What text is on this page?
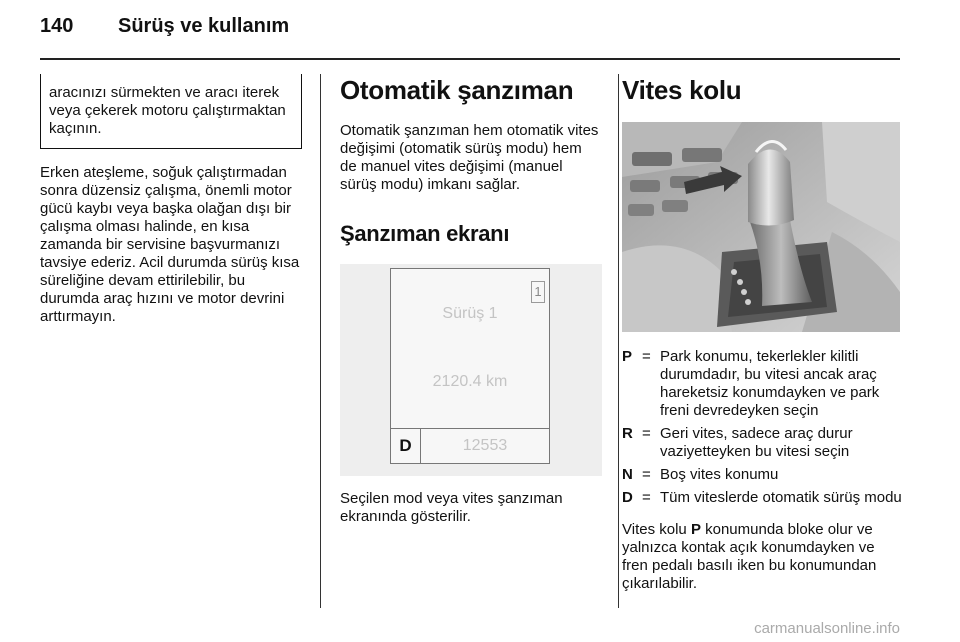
140 Sürüş ve kullanım
aracınızı sürmekten ve aracı iterek veya çekerek motoru çalıştırmaktan kaçının.

Erken ateşleme, soğuk çalıştırmadan sonra düzensiz çalışma, önemli motor gücü kaybı veya başka olağan dışı bir çalışma olması halinde, en kısa zamanda bir servisine başvurmanızı tavsiye ederiz. Acil durumda sürüş kısa süreliğine devam ettirilebilir, bu durumda araç hızını ve motor devrini arttırmayın.

Otomatik şanzıman

Otomatik şanzıman hem otomatik vites değişimi (otomatik sürüş modu) hem de manuel vites değişimi (manuel sürüş modu) imkanı sağlar.

Şanzıman ekranı
1
Sürüş 1
2120.4 km
D	12553

Seçilen mod veya vites şanzıman ekranında gösterilir.

Vites kolu
P = Park konumu, tekerlekler kilitli durumdadır, bu vitesi ancak araç hareketsiz konumdayken ve park freni devredeyken seçin
R = Geri vites, sadece araç durur vaziyetteyken bu vitesi seçin
N = Boş vites konumu
D = Tüm viteslerde otomatik sürüş modu

Vites kolu P konumunda bloke olur ve yalnızca kontak açık konumdayken ve fren pedalı basılı iken bu konumundan çıkarılabilir.

carmanualsonline.info
